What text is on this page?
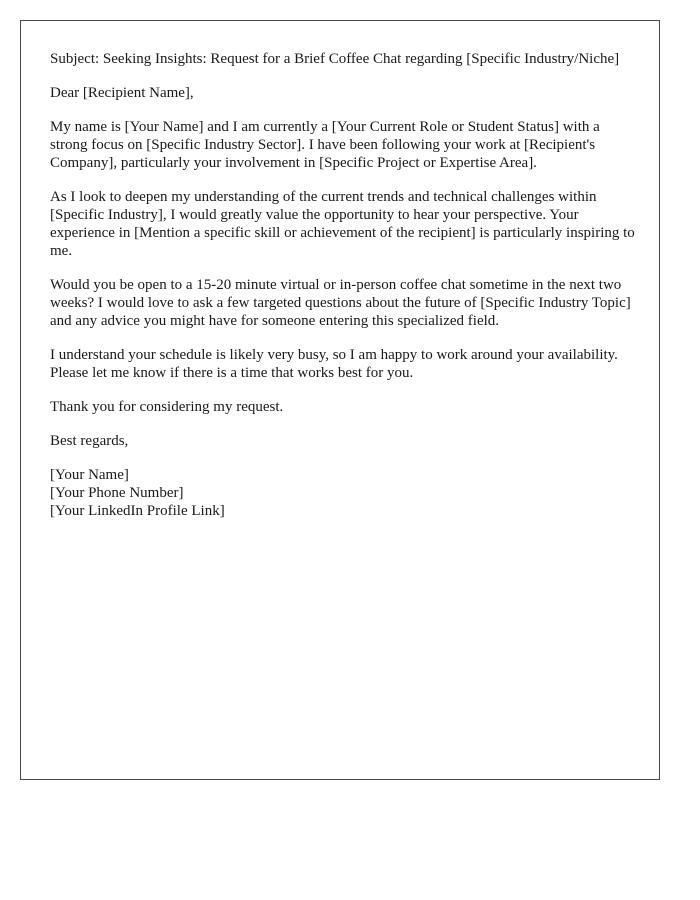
Subject: Seeking Insights: Request for a Brief Coffee Chat regarding [Specific Industry/Niche]

Dear [Recipient Name],

My name is [Your Name] and I am currently a [Your Current Role or Student Status] with a strong focus on [Specific Industry Sector]. I have been following your work at [Recipient's Company], particularly your involvement in [Specific Project or Expertise Area].

As I look to deepen my understanding of the current trends and technical challenges within [Specific Industry], I would greatly value the opportunity to hear your perspective. Your experience in [Mention a specific skill or achievement of the recipient] is particularly inspiring to me.

Would you be open to a 15-20 minute virtual or in-person coffee chat sometime in the next two weeks? I would love to ask a few targeted questions about the future of [Specific Industry Topic] and any advice you might have for someone entering this specialized field.

I understand your schedule is likely very busy, so I am happy to work around your availability. Please let me know if there is a time that works best for you.

Thank you for considering my request.

Best regards,

[Your Name]
[Your Phone Number]
[Your LinkedIn Profile Link]
